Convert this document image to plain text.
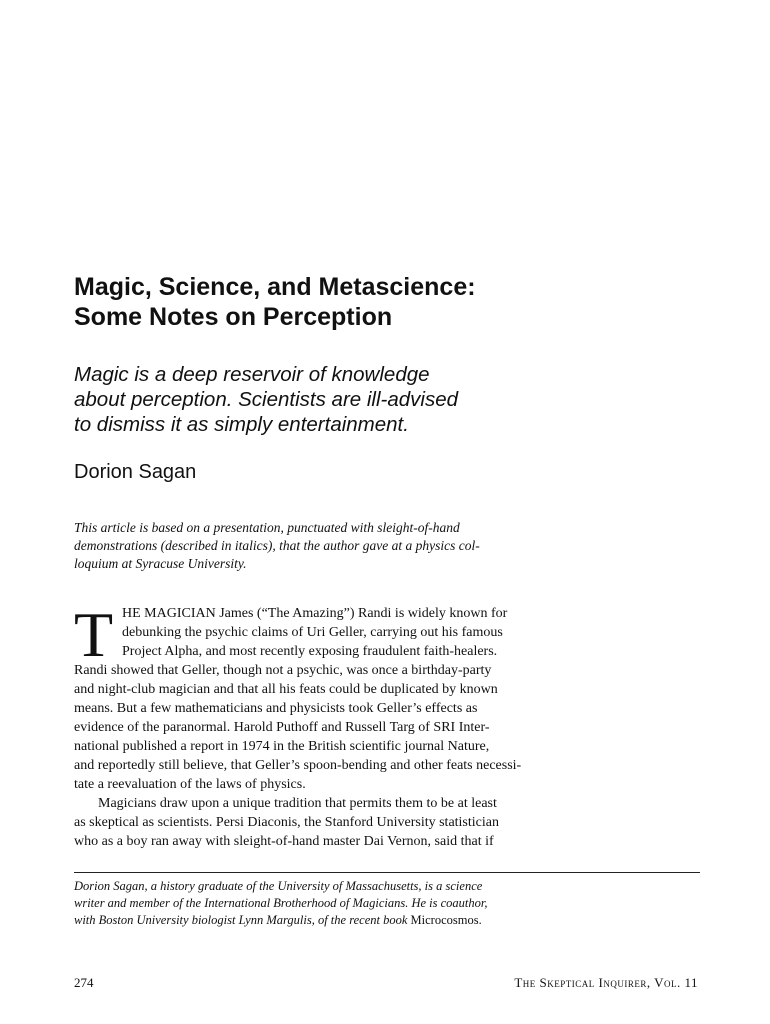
Magic, Science, and Metascience:
Some Notes on Perception

Magic is a deep reservoir of knowledge
about perception. Scientists are ill-advised
to dismiss it as simply entertainment.

Dorion Sagan

This article is based on a presentation, punctuated with sleight-of-hand
demonstrations (described in italics), that the author gave at a physics col-
loquium at Syracuse University.

T HE MAGICIAN James (“The Amazing”) Randi is widely known for
debunking the psychic claims of Uri Geller, carrying out his famous
Project Alpha, and most recently exposing fraudulent faith-healers.
Randi showed that Geller, though not a psychic, was once a birthday-party
and night-club magician and that all his feats could be duplicated by known
means. But a few mathematicians and physicists took Geller’s effects as
evidence of the paranormal. Harold Puthoff and Russell Targ of SRI Inter-
national published a report in 1974 in the British scientific journal Nature,
and reportedly still believe, that Geller’s spoon-bending and other feats necessi-
tate a reevaluation of the laws of physics.
Magicians draw upon a unique tradition that permits them to be at least
as skeptical as scientists. Persi Diaconis, the Stanford University statistician
who as a boy ran away with sleight-of-hand master Dai Vernon, said that if
Dorion Sagan, a history graduate of the University of Massachusetts, is a science
writer and member of the International Brotherhood of Magicians. He is coauthor,
with Boston University biologist Lynn Margulis, of the recent book Microcosmos.
274	The Skeptical Inquirer, Vol. 11
